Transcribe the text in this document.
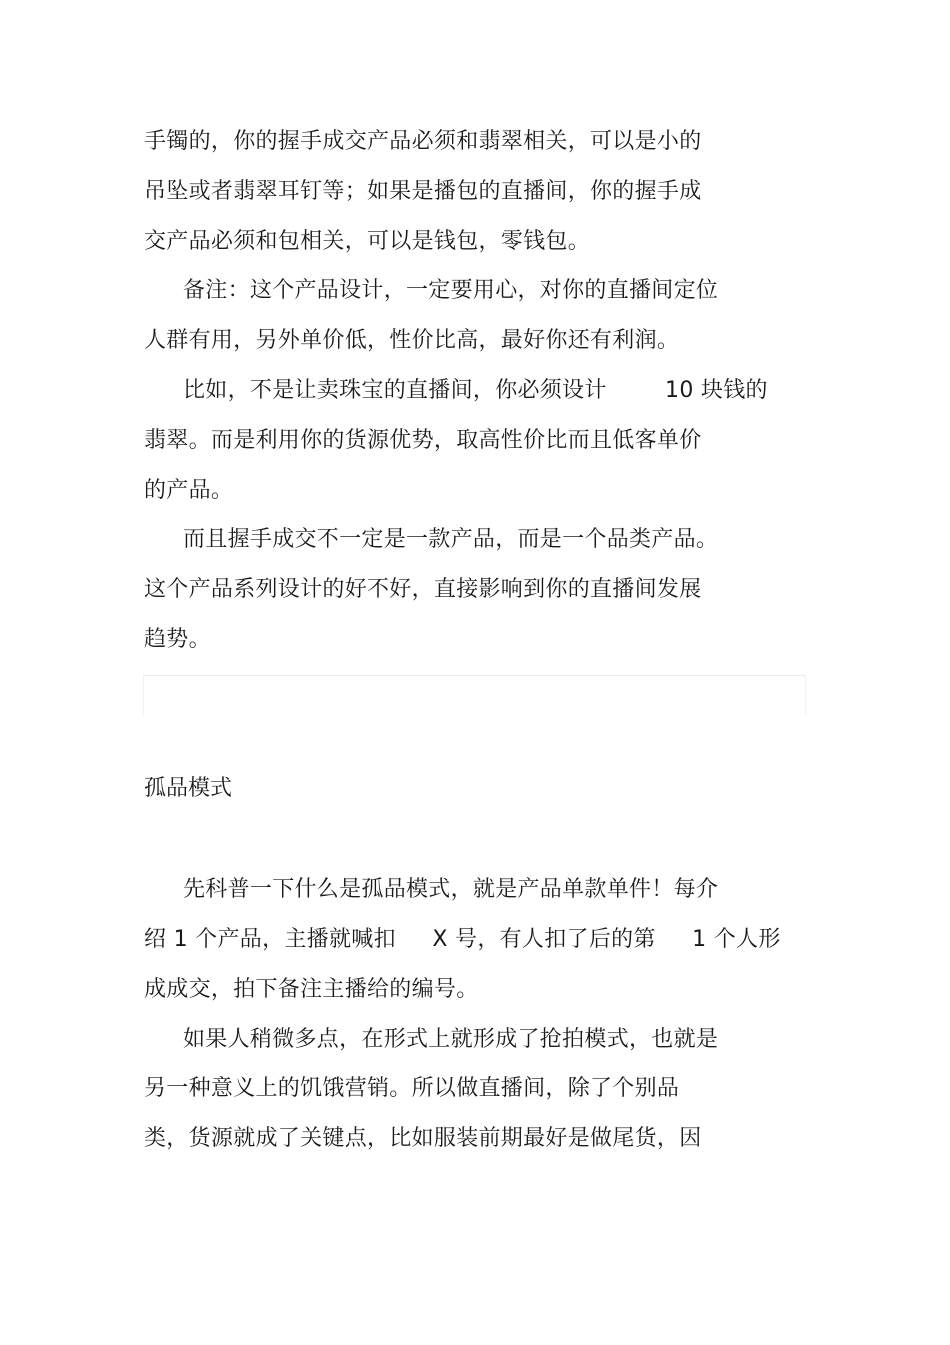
手镯的，你的握手成交产品必须和翡翠相关，可以是小的
吊坠或者翡翠耳钉等；如果是播包的直播间，你的握手成
交产品必须和包相关，可以是钱包，零钱包。
备注：这个产品设计，一定要用心，对你的直播间定位
人群有用，另外单价低，性价比高，最好你还有利润。
比如，不是让卖珠宝的直播间，你必须设计        10 块钱的
翡翠。而是利用你的货源优势，取高性价比而且低客单价
的产品。
而且握手成交不一定是一款产品，而是一个品类产品。
这个产品系列设计的好不好，直接影响到你的直播间发展
趋势。
孤品模式
先科普一下什么是孤品模式，就是产品单款单件！每介
绍 1 个产品，主播就喊扣     X 号，有人扣了后的第     1 个人形
成成交，拍下备注主播给的编号。
如果人稍微多点，在形式上就形成了抢拍模式，也就是
另一种意义上的饥饿营销。所以做直播间，除了个别品
类，货源就成了关键点，比如服装前期最好是做尾货，因
